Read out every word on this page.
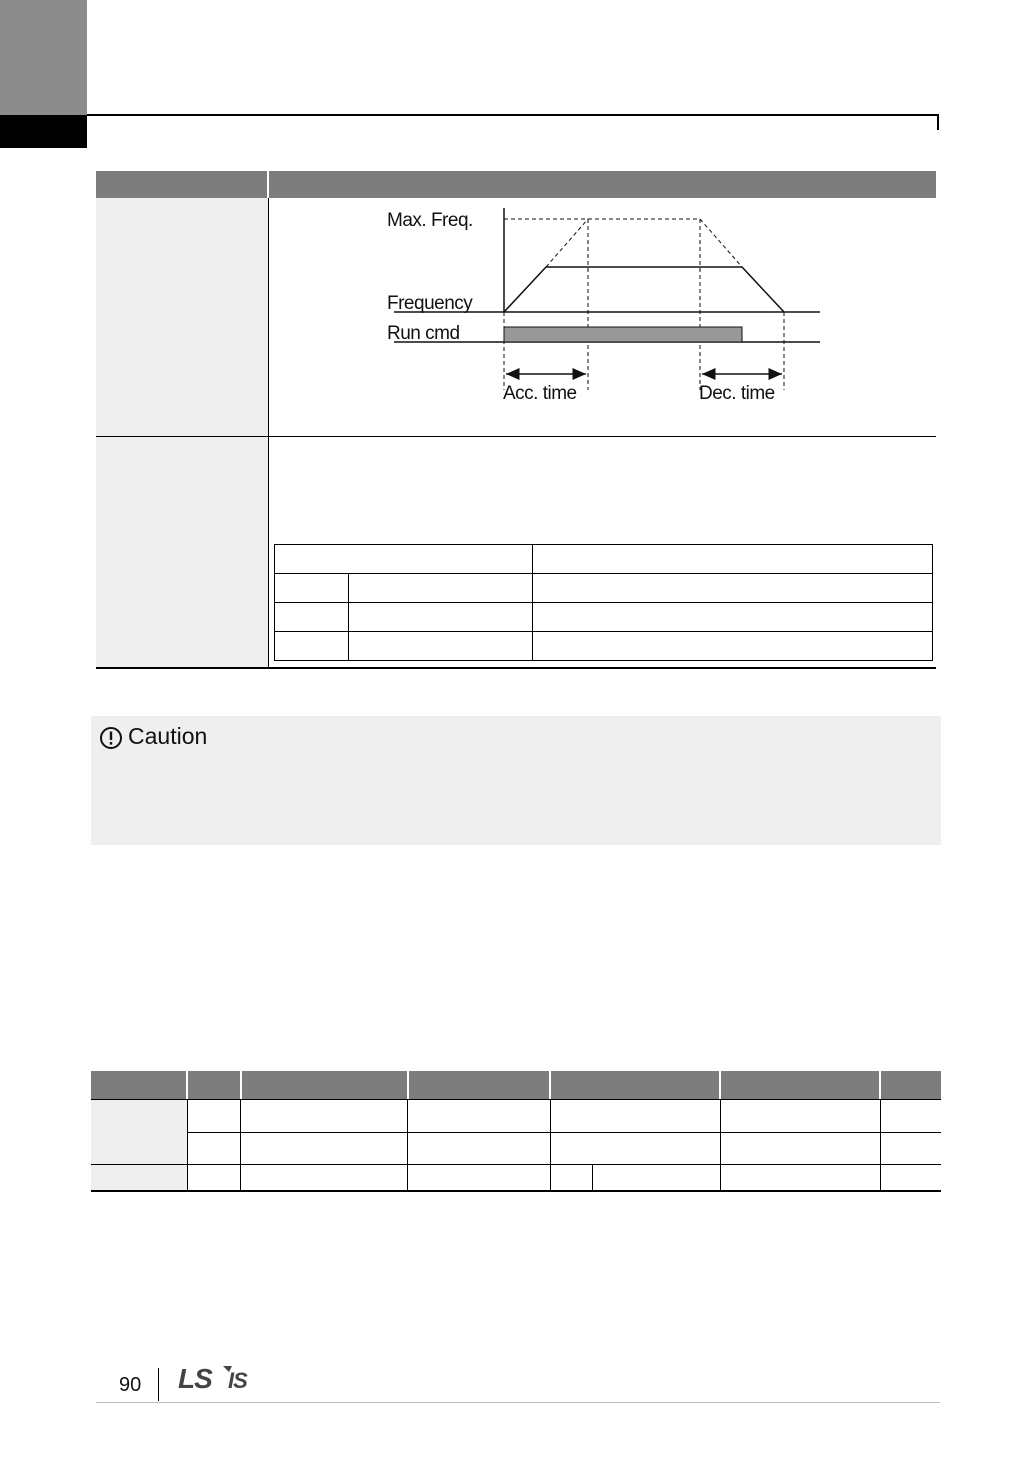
Max. Freq.
Frequency
Run cmd
Acc. time	Dec. time

Caution
90 LS IS
